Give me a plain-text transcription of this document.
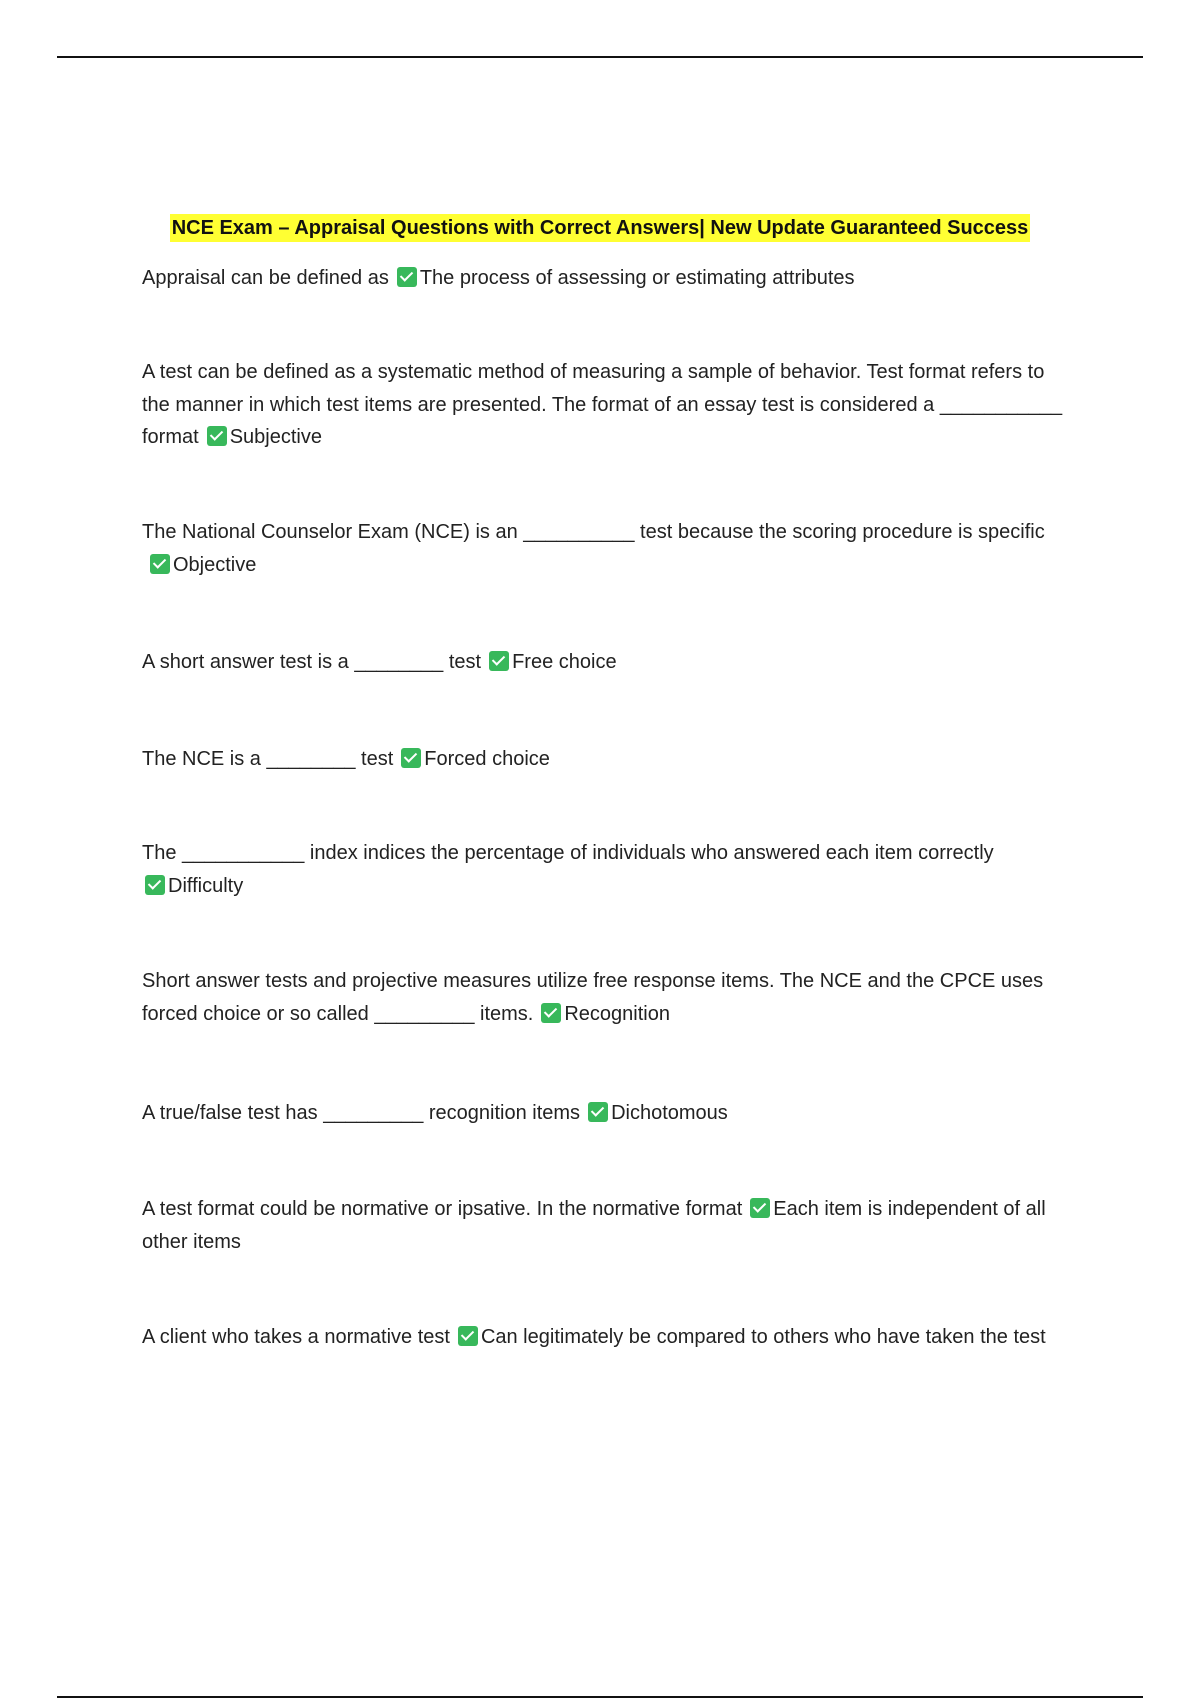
NCE Exam – Appraisal Questions with Correct Answers| New Update Guaranteed Success
Appraisal can be defined as The process of assessing or estimating attributes
A test can be defined as a systematic method of measuring a sample of behavior. Test format refers to the manner in which test items are presented. The format of an essay test is considered a ___________ format Subjective
The National Counselor Exam (NCE) is an __________ test because the scoring procedure is specificObjective
A short answer test is a ________ test Free choice
The NCE is a ________ test Forced choice
The ___________ index indices the percentage of individuals who answered each item correctly
Difficulty
Short answer tests and projective measures utilize free response items. The NCE and the CPCE uses forced choice or so called _________ items. Recognition
A true/false test has _________ recognition items Dichotomous
A test format could be normative or ipsative. In the normative format Each item is independent of all other items
A client who takes a normative test Can legitimately be compared to others who have taken the test
